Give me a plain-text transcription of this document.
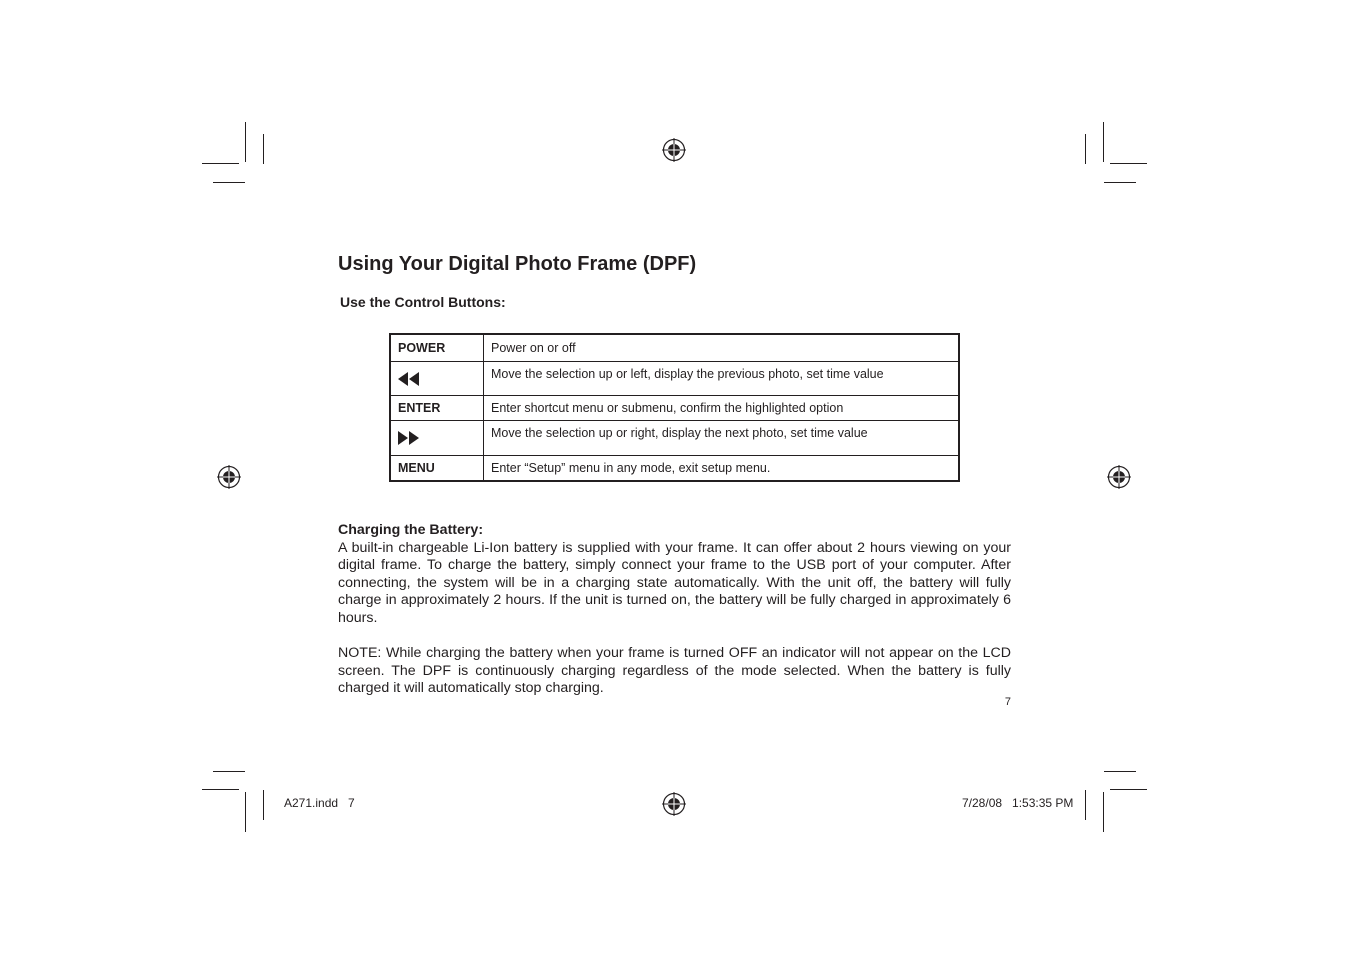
Using Your Digital Photo Frame (DPF)
Use the Control Buttons:
POWER	Power on or off

	Move the selection up or left, display the previous photo, set time value
ENTER	Enter shortcut menu or submenu, confirm the highlighted option

	Move the selection up or right, display the next photo, set time value
MENU	Enter “Setup” menu in any mode, exit setup menu.
Charging the Battery:

A built-in chargeable Li-Ion battery is supplied with your frame. It can offer about 2 hours viewing on your digital frame. To charge the battery, simply connect your frame to the USB port of your computer. After connecting, the system will be in a charging state automatically. With the unit off, the battery will fully charge in approximately 2 hours. If the unit is turned on, the battery will be fully charged in approximately 6 hours.

NOTE: While charging the battery when your frame is turned OFF an indicator will not appear on the LCD screen. The DPF is continuously charging regardless of the mode selected. When the battery is fully charged it will automatically stop charging.

7
A271.indd   7	7/28/08   1:53:35 PM
